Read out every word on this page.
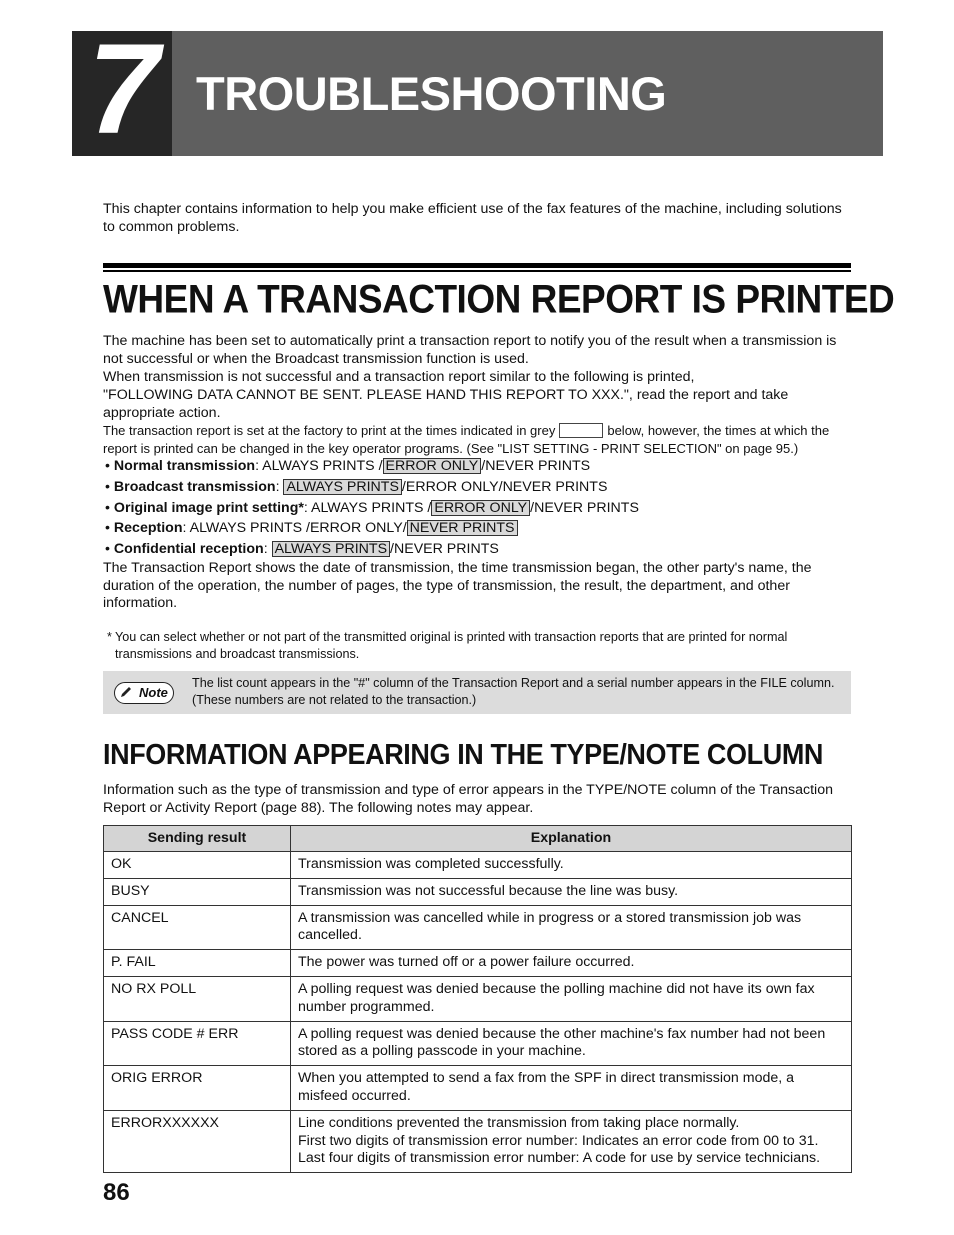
7 TROUBLESHOOTING

This chapter contains information to help you make efficient use of the fax features of the machine, including solutions to common problems.

WHEN A TRANSACTION REPORT IS PRINTED

The machine has been set to automatically print a transaction report to notify you of the result when a transmission is not successful or when the Broadcast transmission function is used.

When transmission is not successful and a transaction report similar to the following is printed,

"FOLLOWING DATA CANNOT BE SENT. PLEASE HAND THIS REPORT TO XXX.", read the report and take appropriate action.

The transaction report is set at the factory to print at the times indicated in grey	below, however, the times at which the report is printed can be changed in the key operator programs. (See "LIST SETTING - PRINT SELECTION" on page 95.)

• Normal transmission: ALWAYS PRINTS / ERROR ONLY/NEVER PRINTS
• Broadcast transmission: ALWAYS PRINTS /ERROR ONLY/NEVER PRINTS
• Original image print setting*: ALWAYS PRINTS / ERROR ONLY/NEVER PRINTS
• Reception: ALWAYS PRINTS /ERROR ONLY/ NEVER PRINTS
• Confidential reception: ALWAYS PRINTS /NEVER PRINTS

The Transaction Report shows the date of transmission, the time transmission began, the other party's name, the duration of the operation, the number of pages, the type of transmission, the result, the department, and other information.

* You can select whether or not part of the transmitted original is printed with transaction reports that are printed for normal transmissions and broadcast transmissions.
Note
The list count appears in the "#" column of the Transaction Report and a serial number appears in the FILE column. (These numbers are not related to the transaction.)
INFORMATION APPEARING IN THE TYPE/NOTE COLUMN

Information such as the type of transmission and type of error appears in the TYPE/NOTE column of the Transaction Report or Activity Report (page 88). The following notes may appear.

Sending result	Explanation
OK	Transmission was completed successfully.
BUSY	Transmission was not successful because the line was busy.
CANCEL	A transmission was cancelled while in progress or a stored transmission job was cancelled.
P. FAIL	The power was turned off or a power failure occurred.
NO RX POLL	A polling request was denied because the polling machine did not have its own fax number programmed.
PASS CODE # ERR	A polling request was denied because the other machine's fax number had not been stored as a polling passcode in your machine.
ORIG ERROR	When you attempted to send a fax from the SPF in direct transmission mode, a misfeed occurred.
ERRORXXXXXX	Line conditions prevented the transmission from taking place normally.
First two digits of transmission error number: Indicates an error code from 00 to 31.
Last four digits of transmission error number: A code for use by service technicians.
86
